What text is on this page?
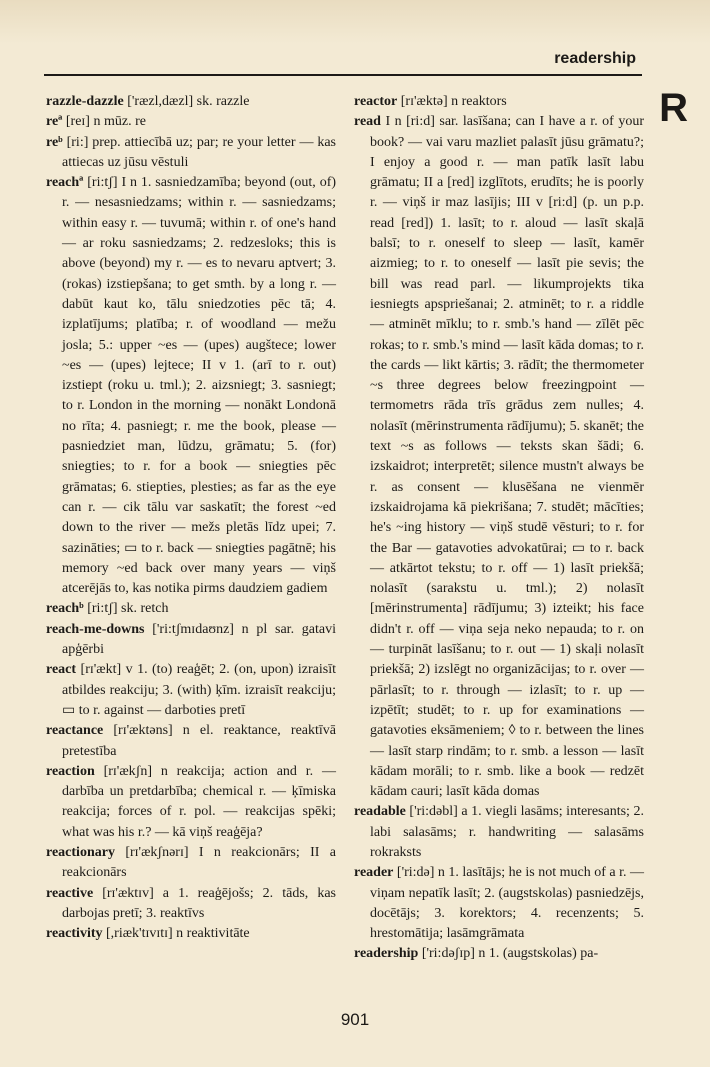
readership
R

razzle-dazzle ['ræzl,dæzl] sk. razzle

reª [reɪ] n mūz. re

reᵇ [ri:] prep. attiecībā uz; par; re your letter — kas attiecas uz jūsu vēstuli

reachª [ri:tʃ] I n 1. sasniedzamība; beyond (out, of) r. — nesasniedzams; within r. — sasniedzams; within easy r. — tuvumā; within r. of one's hand — ar roku sasniedzams; 2. redzesloks; this is above (beyond) my r. — es to nevaru aptvert; 3. (rokas) izstiepšana; to get smth. by a long r. — dabūt kaut ko, tālu sniedzoties pēc tā; 4. izplatījums; platība; r. of woodland — mežu josla; 5.: upper ~es — (upes) augštece; lower ~es — (upes) lejtece; II v 1. (arī to r. out) izstiept (roku u. tml.); 2. aizsniegt; 3. sasniegt; to r. London in the morning — nonākt Londonā no rīta; 4. pasniegt; r. me the book, please — pasniedziet man, lūdzu, grāmatu; 5. (for) sniegties; to r. for a book — sniegties pēc grāmatas; 6. stiepties, plesties; as far as the eye can r. — cik tālu var saskatīt; the forest ~ed down to the river — mežs pletās līdz upei; 7. sazināties; ▭ to r. back — sniegties pagātnē; his memory ~ed back over many years — viņš atcerējās to, kas notika pirms daudziem gadiem

reachᵇ [ri:tʃ] sk. retch

reach-me-downs ['ri:tʃmɪdaʊnz] n pl sar. gatavi apģērbi

react [rɪ'ækt] v 1. (to) reaģēt; 2. (on, upon) izraisīt atbildes reakciju; 3. (with) ķīm. izraisīt reakciju; ▭ to r. against — darboties pretī

reactance [rɪ'æktəns] n el. reaktance, reaktīvā pretestība

reaction [rɪ'ækʃn] n reakcija; action and r. — darbība un pretdarbība; chemical r. — ķīmiska reakcija; forces of r. pol. — reakcijas spēki; what was his r.? — kā viņš reaģēja?

reactionary [rɪ'ækʃnərɪ] I n reakcionārs; II a reakcionārs

reactive [rɪ'æktɪv] a 1. reaģējošs; 2. tāds, kas darbojas pretī; 3. reaktīvs

reactivity [,riæk'tɪvɪtɪ] n reaktivitāte

reactor [rɪ'æktə] n reaktors

read I n [ri:d] sar. lasīšana; can I have a r. of your book? — vai varu mazliet palasīt jūsu grāmatu?; I enjoy a good r. — man patīk lasīt labu grāmatu; II a [red] izglītots, erudīts; he is poorly r. — viņš ir maz lasījis; III v [ri:d] (p. un p.p. read [red]) 1. lasīt; to r. aloud — lasīt skaļā balsī; to r. oneself to sleep — lasīt, kamēr aizmieg; to r. to oneself — lasīt pie sevis; the bill was read parl. — likumprojekts tika iesniegts apspriešanai; 2. atminēt; to r. a riddle — atminēt mīklu; to r. smb.'s hand — zīlēt pēc rokas; to r. smb.'s mind — lasīt kāda domas; to r. the cards — likt kārtis; 3. rādīt; the thermometer ~s three degrees below freezingpoint — termometrs rāda trīs grādus zem nulles; 4. nolasīt (mērinstrumenta rādījumu); 5. skanēt; the text ~s as follows — teksts skan šādi; 6. izskaidrot; interpretēt; silence mustn't always be r. as consent — klusēšana ne vienmēr izskaidrojama kā piekrišana; 7. studēt; mācīties; he's ~ing history — viņš studē vēsturi; to r. for the Bar — gatavoties advokatūrai; ▭ to r. back — atkārtot tekstu; to r. off — 1) lasīt priekšā; nolasīt (sarakstu u. tml.); 2) nolasīt [mērinstrumenta] rādījumu; 3) izteikt; his face didn't r. off — viņa seja neko nepauda; to r. on — turpināt lasīšanu; to r. out — 1) skaļi nolasīt priekšā; 2) izslēgt no organizācijas; to r. over — pārlasīt; to r. through — izlasīt; to r. up — izpētīt; studēt; to r. up for examinations — gatavoties eksāmeniem; ◊ to r. between the lines — lasīt starp rindām; to r. smb. a lesson — lasīt kādam morāli; to r. smb. like a book — redzēt kādam cauri; lasīt kāda domas

readable ['ri:dəbl] a 1. viegli lasāms; interesants; 2. labi salasāms; r. handwriting — salasāms rokraksts

reader ['ri:də] n 1. lasītājs; he is not much of a r. — viņam nepatīk lasīt; 2. (augstskolas) pasniedzējs, docētājs; 3. korektors; 4. recenzents; 5. hrestomātija; lasāmgrāmata

readership ['ri:dəʃɪp] n 1. (augstskolas) pa-

901
